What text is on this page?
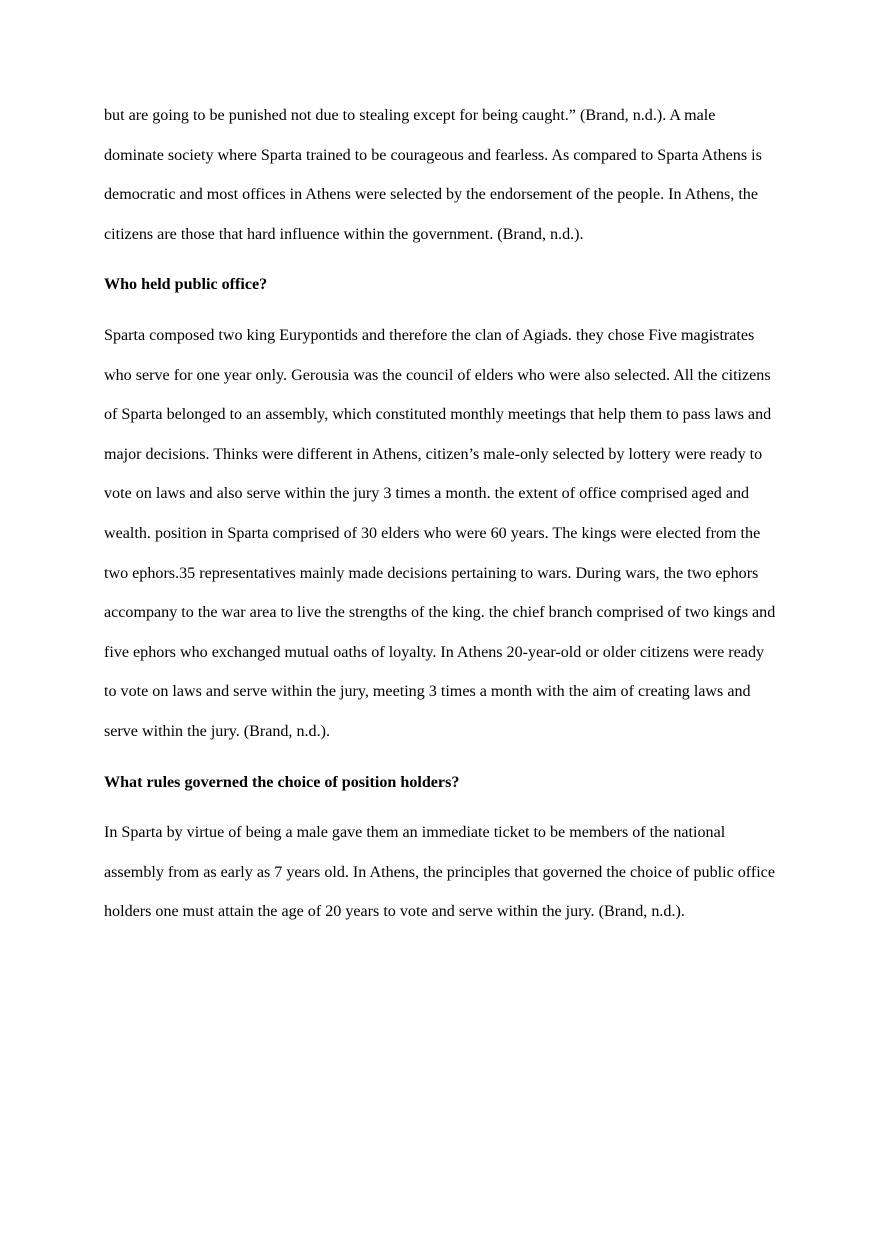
but are going to be punished not due to stealing except for being caught.” (Brand, n.d.). A male dominate society where Sparta trained to be courageous and fearless. As compared to Sparta Athens is democratic and most offices in Athens were selected by the endorsement of the people. In Athens, the citizens are those that hard influence within the government. (Brand, n.d.).

Who held public office?

Sparta composed two king Eurypontids and therefore the clan of Agiads. they chose Five magistrates who serve for one year only. Gerousia was the council of elders who were also selected. All the citizens of Sparta belonged to an assembly, which constituted monthly meetings that help them to pass laws and major decisions. Thinks were different in Athens, citizen’s male-only selected by lottery were ready to vote on laws and also serve within the jury 3 times a month. the extent of office comprised aged and wealth. position in Sparta comprised of 30 elders who were 60 years. The kings were elected from the two ephors.35 representatives mainly made decisions pertaining to wars. During wars, the two ephors accompany to the war area to live the strengths of the king. the chief branch comprised of two kings and five ephors who exchanged mutual oaths of loyalty. In Athens 20-year-old or older citizens were ready to vote on laws and serve within the jury, meeting 3 times a month with the aim of creating laws and serve within the jury. (Brand, n.d.).

What rules governed the choice of position holders?

In Sparta by virtue of being a male gave them an immediate ticket to be members of the national assembly from as early as 7 years old. In Athens, the principles that governed the choice of public office holders one must attain the age of 20 years to vote and serve within the jury. (Brand, n.d.).
